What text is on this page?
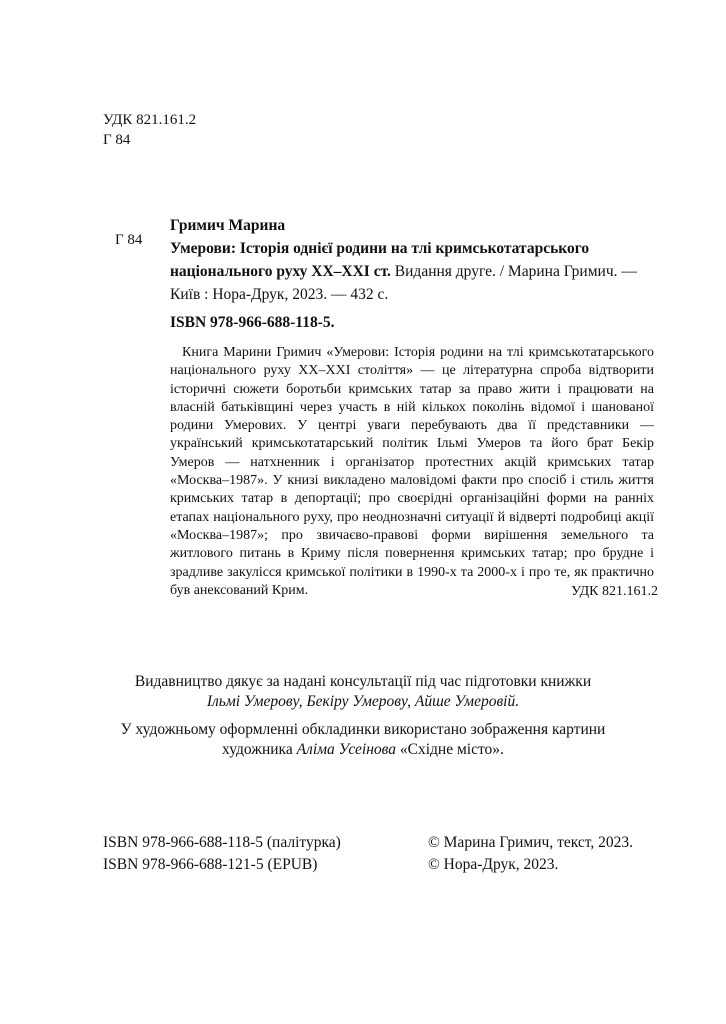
УДК 821.161.2
Г 84
Г 84
Гримич Марина
Умерови: Історія однієї родини на тлі кримськотатарського національного руху XX–XXI ст. Видання друге. / Марина Гримич. — Київ : Нора-Друк, 2023. — 432 с.
ISBN 978-966-688-118-5.
Книга Марини Гримич «Умерови: Історія родини на тлі кримськотатарського національного руху XX–XXI століття» — це літературна спроба відтворити історичні сюжети боротьби кримських татар за право жити і працювати на власній батьківщині через участь в ній кількох поколінь відомої і шанованої родини Умерових. У центрі уваги перебувають два її представники — український кримськотатарський політик Ільмі Умеров та його брат Бекір Умеров — натхненник і організатор протестних акцій кримських татар «Москва–1987». У книзі викладено маловідомі факти про спосіб і стиль життя кримських татар в депортації; про своєрідні організаційні форми на ранніх етапах національного руху, про неоднозначні ситуації й відверті подробиці акції «Москва–1987»; про звичаєво-правові форми вирішення земельного та житлового питань в Криму після повернення кримських татар; про брудне і зрадливе закулісся кримської політики в 1990-х та 2000-х і про те, як практично був анексований Крим.	УДК 821.161.2
Видавництво дякує за надані консультації під час підготовки книжки
Ільмі Умерову, Бекіру Умерову, Айше Умеровій.
У художньому оформленні обкладинки використано зображення картини
художника Аліма Усеінова «Східне місто».
ISBN 978-966-688-118-5 (палітурка)
ISBN 978-966-688-121-5 (EPUB)
© Марина Гримич, текст, 2023.
© Нора-Друк, 2023.
